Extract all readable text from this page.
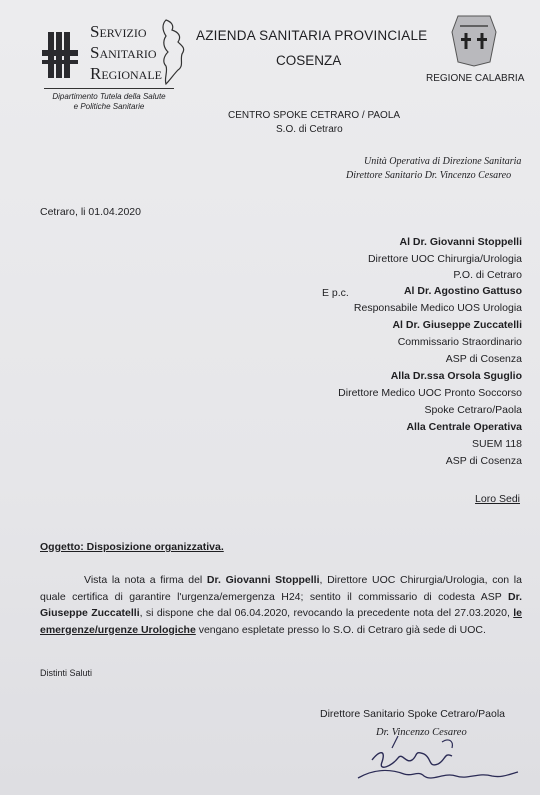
SERVIZIO
SANITARIO
REGIONALE
Dipartimento Tutela della Salute
e Politiche Sanitarie
AZIENDA SANITARIA PROVINCIALE
COSENZA
REGIONE CALABRIA
CENTRO SPOKE CETRARO / PAOLA
S.O. di Cetraro
Unità Operativa di Direzione Sanitaria
Direttore Sanitario Dr. Vincenzo Cesareo
Cetraro, li 01.04.2020
Al Dr. Giovanni Stoppelli
Direttore UOC Chirurgia/Urologia
P.O. di Cetraro
E p.c.	Al Dr. Agostino Gattuso
Responsabile Medico UOS Urologia
Al Dr. Giuseppe Zuccatelli
Commissario Straordinario
ASP di Cosenza
Alla Dr.ssa Orsola Sguglio
Direttore Medico UOC Pronto Soccorso
Spoke Cetraro/Paola
Alla Centrale Operativa
SUEM 118
ASP di Cosenza
Loro Sedi
Oggetto: Disposizione organizzativa.
Vista la nota a firma del Dr. Giovanni Stoppelli, Direttore UOC Chirurgia/Urologia, con la quale certifica di garantire l'urgenza/emergenza H24; sentito il commissario di codesta ASP Dr. Giuseppe Zuccatelli, si dispone che dal 06.04.2020, revocando la precedente nota del 27.03.2020, le emergenze/urgenze Urologiche vengano espletate presso lo S.O. di Cetraro già sede di UOC.
Distinti Saluti
Direttore Sanitario Spoke Cetraro/Paola
Dr. Vincenzo Cesareo
